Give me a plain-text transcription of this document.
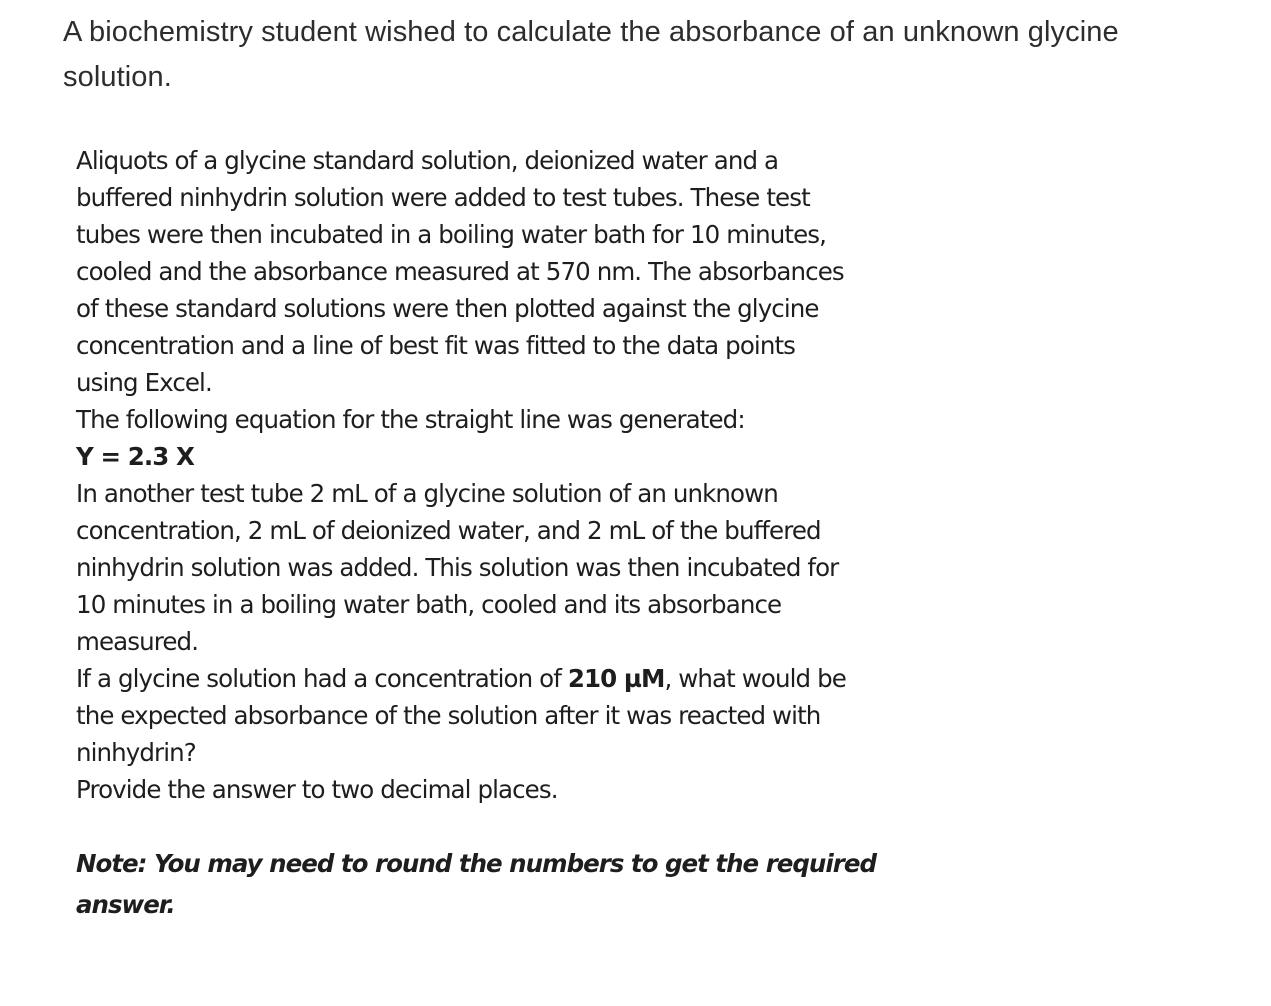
A biochemistry student wished to calculate the absorbance of an unknown glycine
solution.

Aliquots of a glycine standard solution, deionized water and a
buffered ninhydrin solution were added to test tubes. These test
tubes were then incubated in a boiling water bath for 10 minutes,
cooled and the absorbance measured at 570 nm. The absorbances
of these standard solutions were then plotted against the glycine
concentration and a line of best fit was fitted to the data points
using Excel.
The following equation for the straight line was generated:
Y = 2.3 X
In another test tube 2 mL of a glycine solution of an unknown
concentration, 2 mL of deionized water, and 2 mL of the buffered
ninhydrin solution was added. This solution was then incubated for
10 minutes in a boiling water bath, cooled and its absorbance
measured.
If a glycine solution had a concentration of 210 µM, what would be
the expected absorbance of the solution after it was reacted with
ninhydrin?
Provide the answer to two decimal places.
Note: You may need to round the numbers to get the required
answer.
